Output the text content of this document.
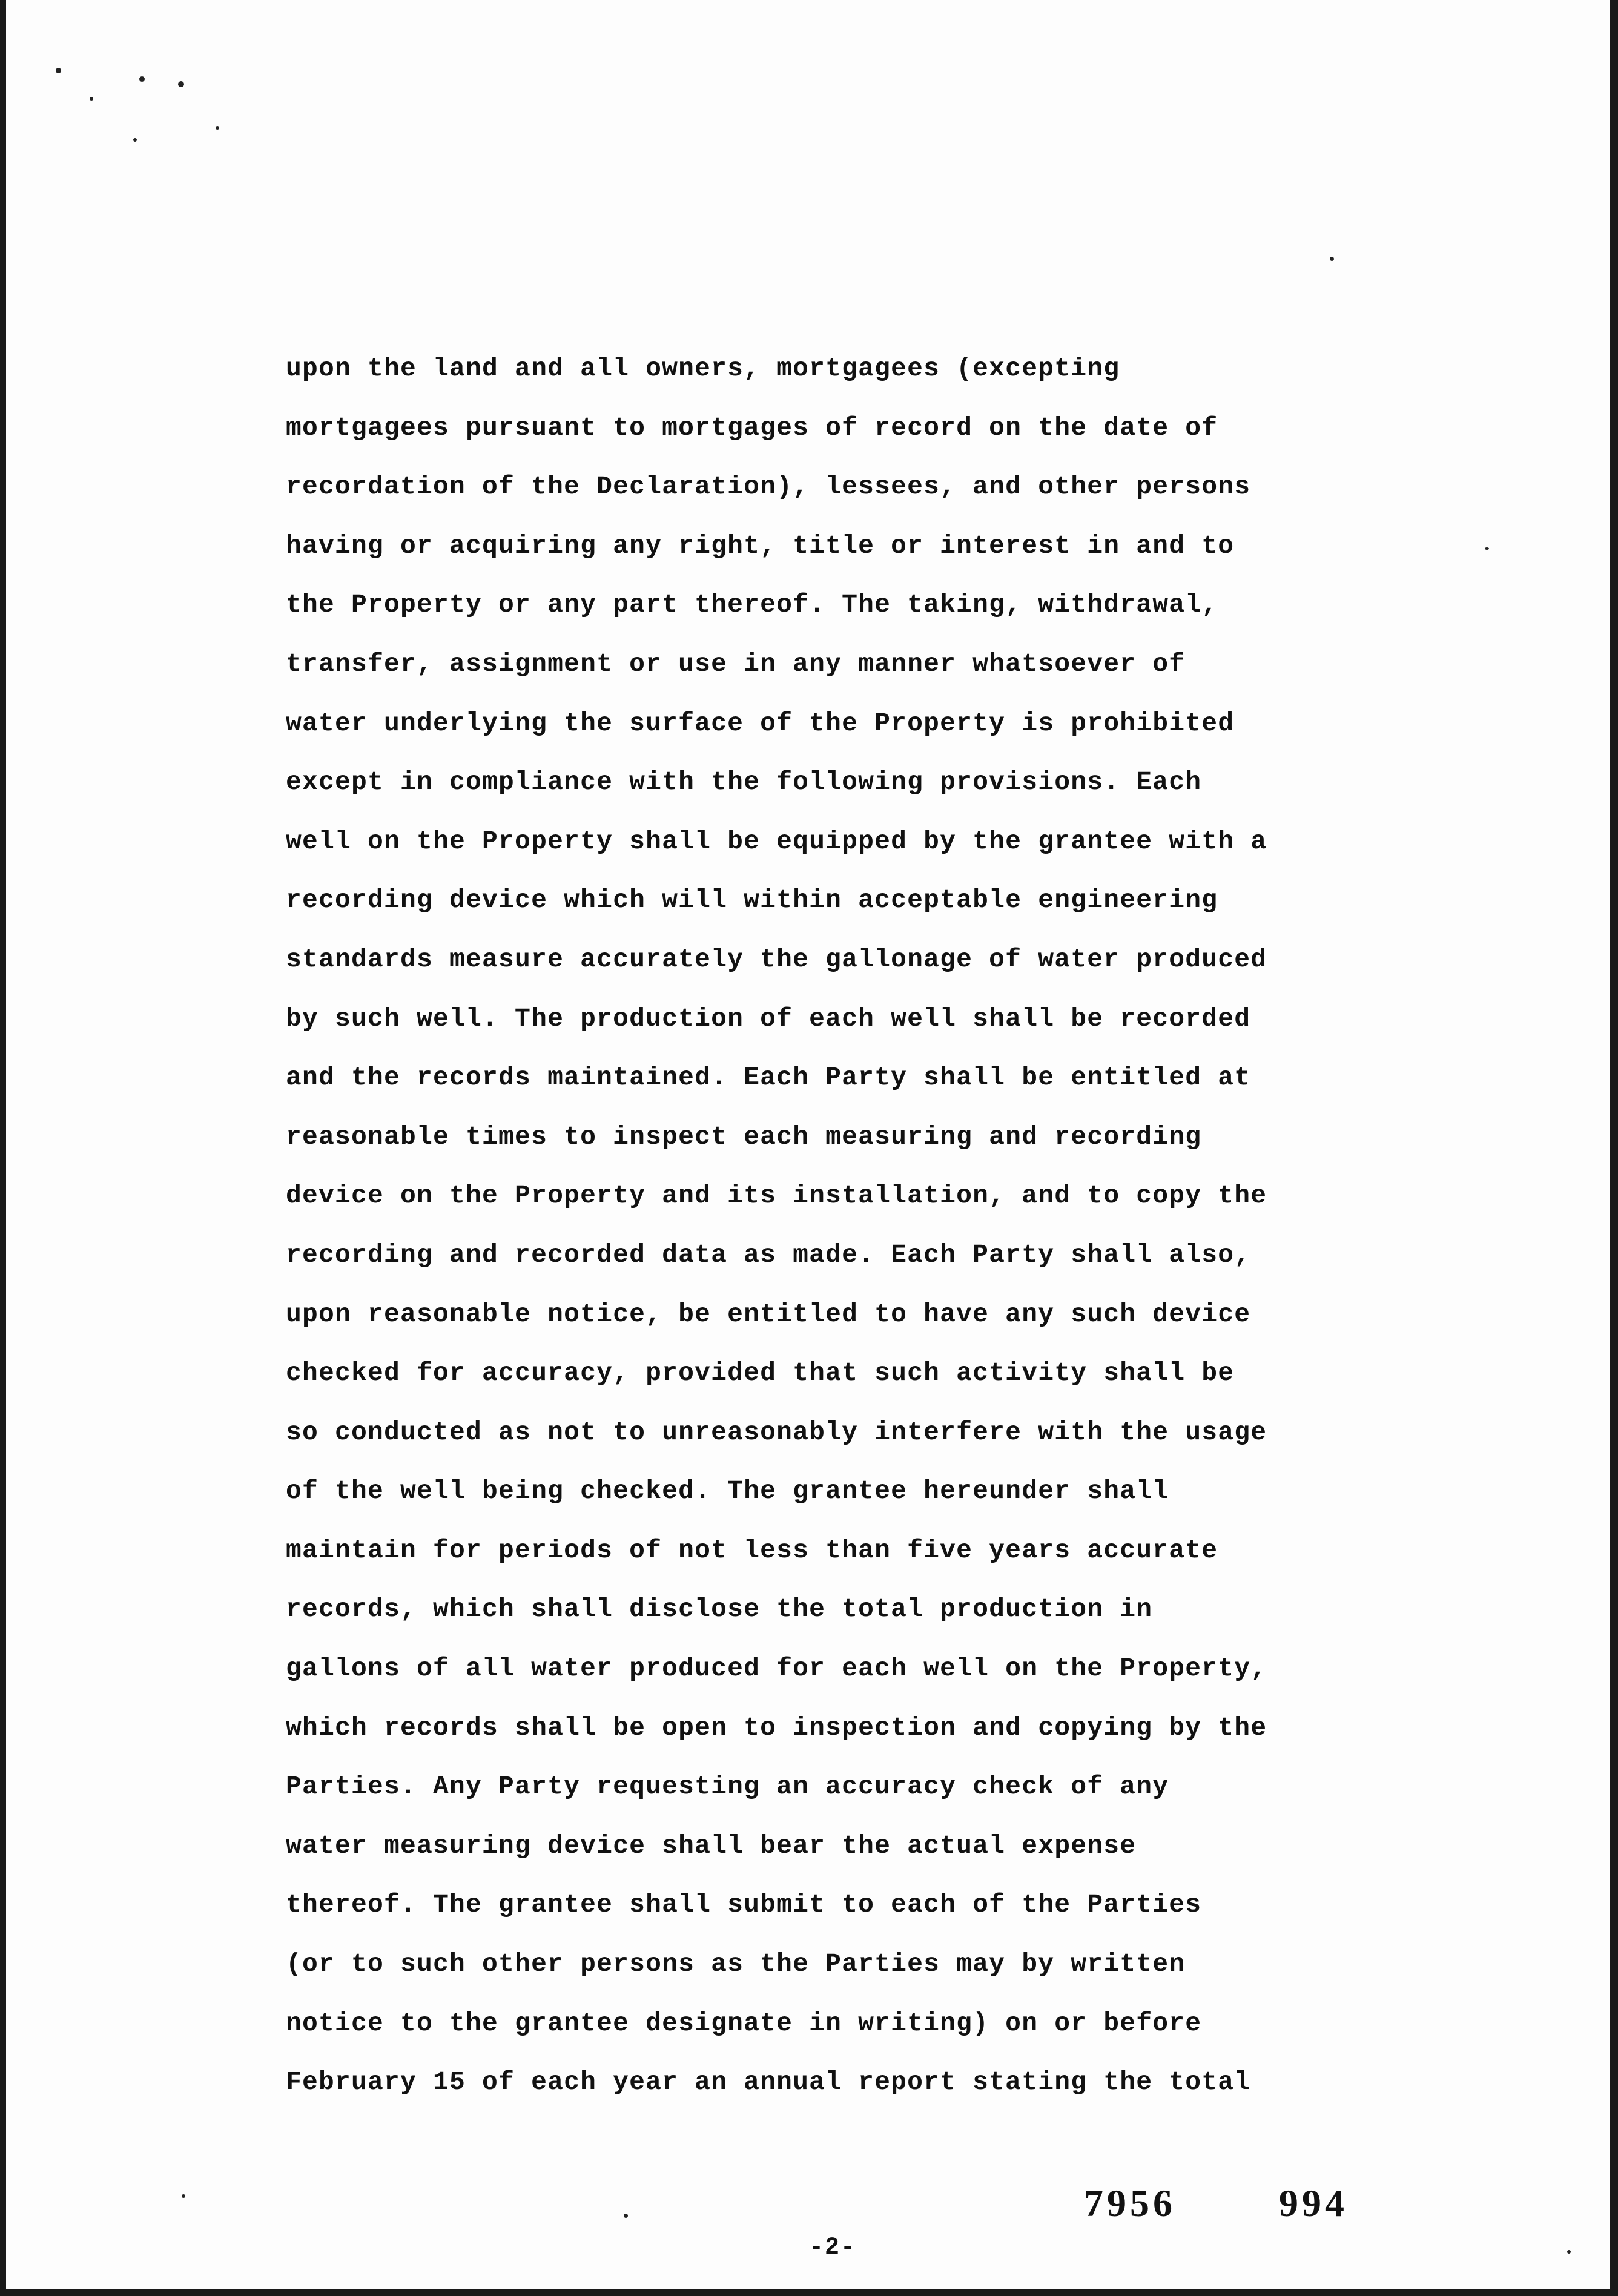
upon the land and all owners, mortgagees (excepting
mortgagees pursuant to mortgages of record on the date of
recordation of the Declaration), lessees, and other persons
having or acquiring any right, title or interest in and to
the Property or any part thereof. The taking, withdrawal,
transfer, assignment or use in any manner whatsoever of
water underlying the surface of the Property is prohibited
except in compliance with the following provisions. Each
well on the Property shall be equipped by the grantee with a
recording device which will within acceptable engineering
standards measure accurately the gallonage of water produced
by such well. The production of each well shall be recorded
and the records maintained. Each Party shall be entitled at
reasonable times to inspect each measuring and recording
device on the Property and its installation, and to copy the
recording and recorded data as made. Each Party shall also,
upon reasonable notice, be entitled to have any such device
checked for accuracy, provided that such activity shall be
so conducted as not to unreasonably interfere with the usage
of the well being checked. The grantee hereunder shall
maintain for periods of not less than five years accurate
records, which shall disclose the total production in
gallons of all water produced for each well on the Property,
which records shall be open to inspection and copying by the
Parties. Any Party requesting an accuracy check of any
water measuring device shall bear the actual expense
thereof. The grantee shall submit to each of the Parties
(or to such other persons as the Parties may by written
notice to the grantee designate in writing) on or before
February 15 of each year an annual report stating the total
7956	994
-2-
